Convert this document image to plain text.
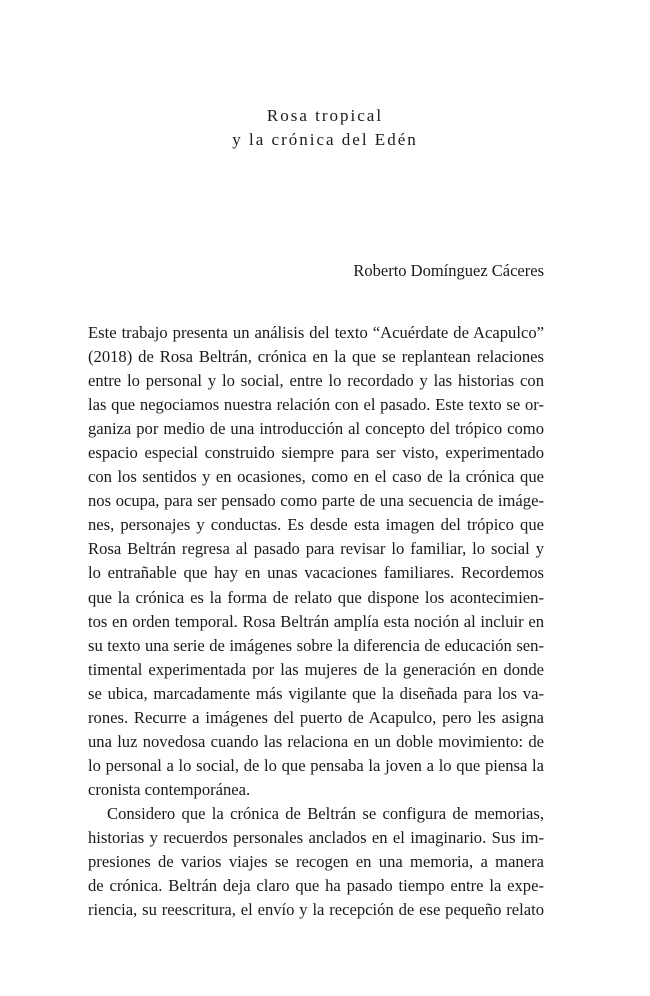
Rosa tropical
y la crónica del Edén
Roberto Domínguez Cáceres
Este trabajo presenta un análisis del texto “Acuérdate de Acapulco”
(2018) de Rosa Beltrán, crónica en la que se replantean relaciones
entre lo personal y lo social, entre lo recordado y las historias con
las que negociamos nuestra relación con el pasado. Este texto se or-
ganiza por medio de una introducción al concepto del trópico como
espacio especial construido siempre para ser visto, experimentado
con los sentidos y en ocasiones, como en el caso de la crónica que
nos ocupa, para ser pensado como parte de una secuencia de imáge-
nes, personajes y conductas. Es desde esta imagen del trópico que
Rosa Beltrán regresa al pasado para revisar lo familiar, lo social y
lo entrañable que hay en unas vacaciones familiares. Recordemos
que la crónica es la forma de relato que dispone los acontecimien-
tos en orden temporal. Rosa Beltrán amplía esta noción al incluir en
su texto una serie de imágenes sobre la diferencia de educación sen-
timental experimentada por las mujeres de la generación en donde
se ubica, marcadamente más vigilante que la diseñada para los va-
rones. Recurre a imágenes del puerto de Acapulco, pero les asigna
una luz novedosa cuando las relaciona en un doble movimiento: de
lo personal a lo social, de lo que pensaba la joven a lo que piensa la
cronista contemporánea.
Considero que la crónica de Beltrán se configura de memorias,
historias y recuerdos personales anclados en el imaginario. Sus im-
presiones de varios viajes se recogen en una memoria, a manera
de crónica. Beltrán deja claro que ha pasado tiempo entre la expe-
riencia, su reescritura, el envío y la recepción de ese pequeño relato
